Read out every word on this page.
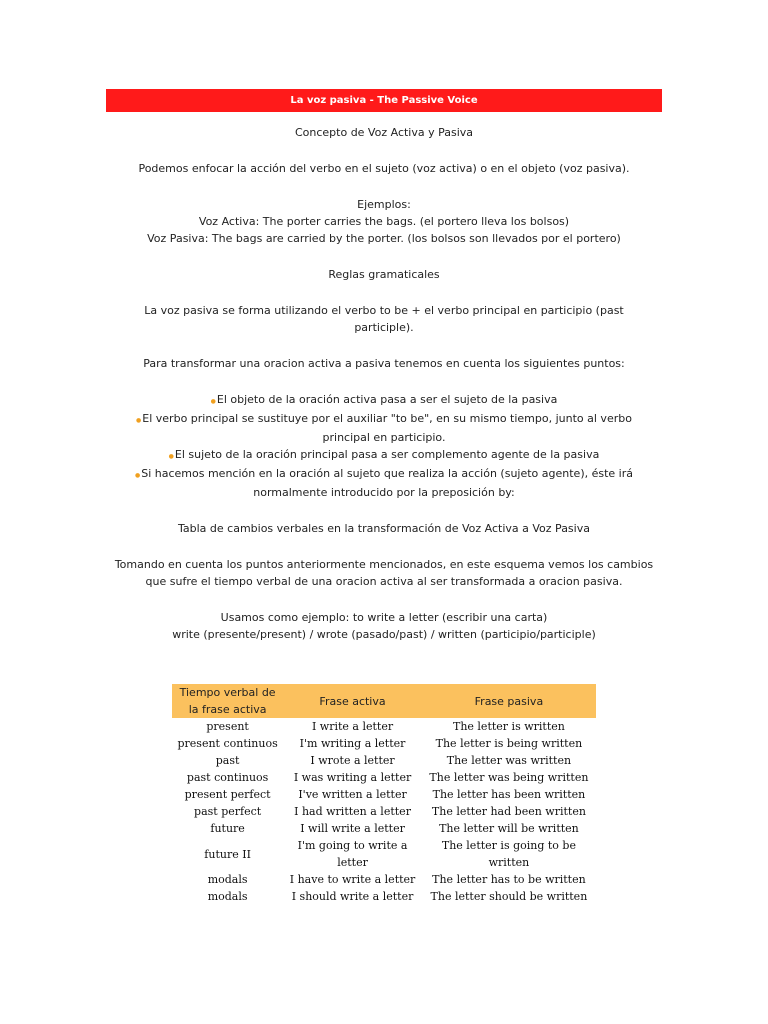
La voz pasiva - The Passive Voice

Concepto de Voz Activa y Pasiva

Podemos enfocar la acción del verbo en el sujeto (voz activa) o en el objeto (voz pasiva).

Ejemplos:

Voz Activa: The porter carries the bags. (el portero lleva los bolsos)

Voz Pasiva: The bags are carried by the porter. (los bolsos son llevados por el portero)

Reglas gramaticales

La voz pasiva se forma utilizando el verbo to be + el verbo principal en participio (past participle).

Para transformar una oracion activa a pasiva tenemos en cuenta los siguientes puntos:

●El objeto de la oración activa pasa a ser el sujeto de la pasiva

●El verbo principal se sustituye por el auxiliar "to be", en su mismo tiempo, junto al verbo principal en participio.

●El sujeto de la oración principal pasa a ser complemento agente de la pasiva

●Si hacemos mención en la oración al sujeto que realiza la acción (sujeto agente), éste irá normalmente introducido por la preposición by:

Tabla de cambios verbales en la transformación de Voz Activa a Voz Pasiva

Tomando en cuenta los puntos anteriormente mencionados, en este esquema vemos los cambios que sufre el tiempo verbal de una oracion activa al ser transformada a oracion pasiva.

Usamos como ejemplo: to write a letter (escribir una carta)

write (presente/present) / wrote (pasado/past) / written (participio/participle)

Tiempo verbal de la frase activa	Frase activa	Frase pasiva
present	I write a letter	The letter is written
present continuos	I'm writing a letter	The letter is being written
past	I wrote a letter	The letter was written
past continuos	I was writing a letter	The letter was being written
present perfect	I've written a letter	The letter has been written
past perfect	I had written a letter	The letter had been written
future	I will write a letter	The letter will be written
future II	I'm going to write a letter	The letter is going to be written
modals	I have to write a letter	The letter has to be written
modals	I should write a letter	The letter should be written
